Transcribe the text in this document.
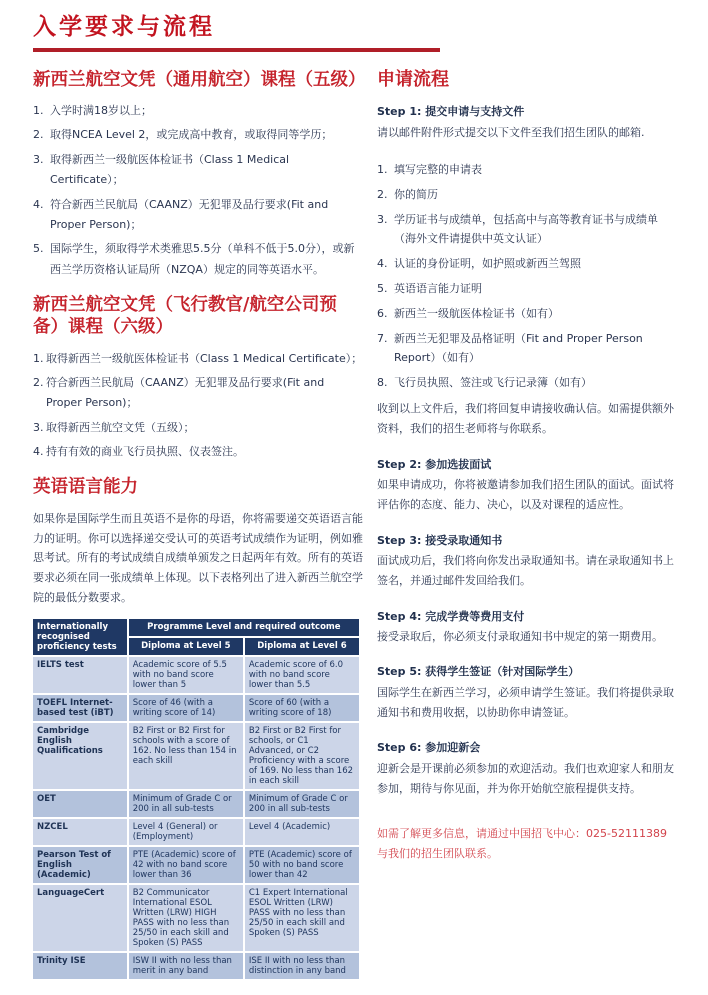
入学要求与流程
新西兰航空文凭（通用航空）课程（五级）
1. 入学时满18岁以上；
2. 取得NCEA Level 2，或完成高中教育，或取得同等学历；
3. 取得新西兰一级航医体检证书（Class 1 Medical Certificate）；
4. 符合新西兰民航局（CAANZ）无犯罪及品行要求(Fit and Proper Person)；
5. 国际学生，须取得学术类雅思5.5分（单科不低于5.0分），或新西兰学历资格认证局所（NZQA）规定的同等英语水平。
新西兰航空文凭（飞行教官/航空公司预备）课程（六级）
1. 取得新西兰一级航医体检证书（Class 1 Medical Certificate）；
2. 符合新西兰民航局（CAANZ）无犯罪及品行要求(Fit and Proper Person)；
3. 取得新西兰航空文凭（五级）；
4. 持有有效的商业飞行员执照、仪表签注。
英语语言能力

如果你是国际学生而且英语不是你的母语，你将需要递交英语语言能力的证明。你可以选择递交受认可的英语考试成绩作为证明，例如雅思考试。所有的考试成绩自成绩单颁发之日起两年有效。所有的英语要求必须在同一张成绩单上体现。以下表格列出了进入新西兰航空学院的最低分数要求。

Internationally recognised proficiency tests	Programme Level and required outcome	
	Diploma at Level 5	Diploma at Level 6
IELTS test	Academic score of 5.5 with no band score lower than 5	Academic score of 6.0 with no band score lower than 5.5
TOEFL Internet-based test (iBT)	Score of 46 (with a writing score of 14)	Score of 60 (with a writing score of 18)
Cambridge English Qualifications	B2 First or B2 First for schools with a score of 162. No less than 154 in each skill	B2 First or B2 First for schools, or C1 Advanced, or C2 Proficiency with a score of 169. No less than 162 in each skill
OET	Minimum of Grade C or 200 in all sub-tests	Minimum of Grade C or 200 in all sub-tests
NZCEL	Level 4 (General) or (Employment)	Level 4 (Academic)
Pearson Test of English (Academic)	PTE (Academic) score of 42 with no band score lower than 36	PTE (Academic) score of 50 with no band score lower than 42
LanguageCert	B2 Communicator International ESOL Written (LRW) HIGH PASS with no less than 25/50 in each skill and Spoken (S) PASS	C1 Expert International ESOL Written (LRW) PASS with no less than 25/50 in each skill and Spoken (S) PASS
Trinity ISE	ISW II with no less than merit in any band	ISE II with no less than distinction in any band
申请流程

Step 1: 提交申请与支持文件

请以邮件附件形式提交以下文件至我们招生团队的邮箱.

1. 填写完整的申请表
2. 你的简历
3. 学历证书与成绩单，包括高中与高等教育证书与成绩单（海外文件请提供中英文认证）
4. 认证的身份证明，如护照或新西兰驾照
5. 英语语言能力证明
6. 新西兰一级航医体检证书（如有）
7. 新西兰无犯罪及品格证明（Fit and Proper Person Report）（如有）
8. 飞行员执照、签注或飞行记录簿（如有）

收到以上文件后，我们将回复申请接收确认信。如需提供额外资料，我们的招生老师将与你联系。

Step 2: 参加选拔面试

如果申请成功，你将被邀请参加我们招生团队的面试。面试将评估你的态度、能力、决心，以及对课程的适应性。

Step 3: 接受录取通知书

面试成功后，我们将向你发出录取通知书。请在录取通知书上签名，并通过邮件发回给我们。

Step 4: 完成学费等费用支付

接受录取后，你必须支付录取通知书中规定的第一期费用。

Step 5: 获得学生签证（针对国际学生）

国际学生在新西兰学习，必须申请学生签证。我们将提供录取通知书和费用收据，以协助你申请签证。

Step 6: 参加迎新会

迎新会是开课前必须参加的欢迎活动。我们也欢迎家人和朋友参加，期待与你见面，并为你开始航空旅程提供支持。

如需了解更多信息，请通过中国招飞中心：025-52111389 与我们的招生团队联系。
